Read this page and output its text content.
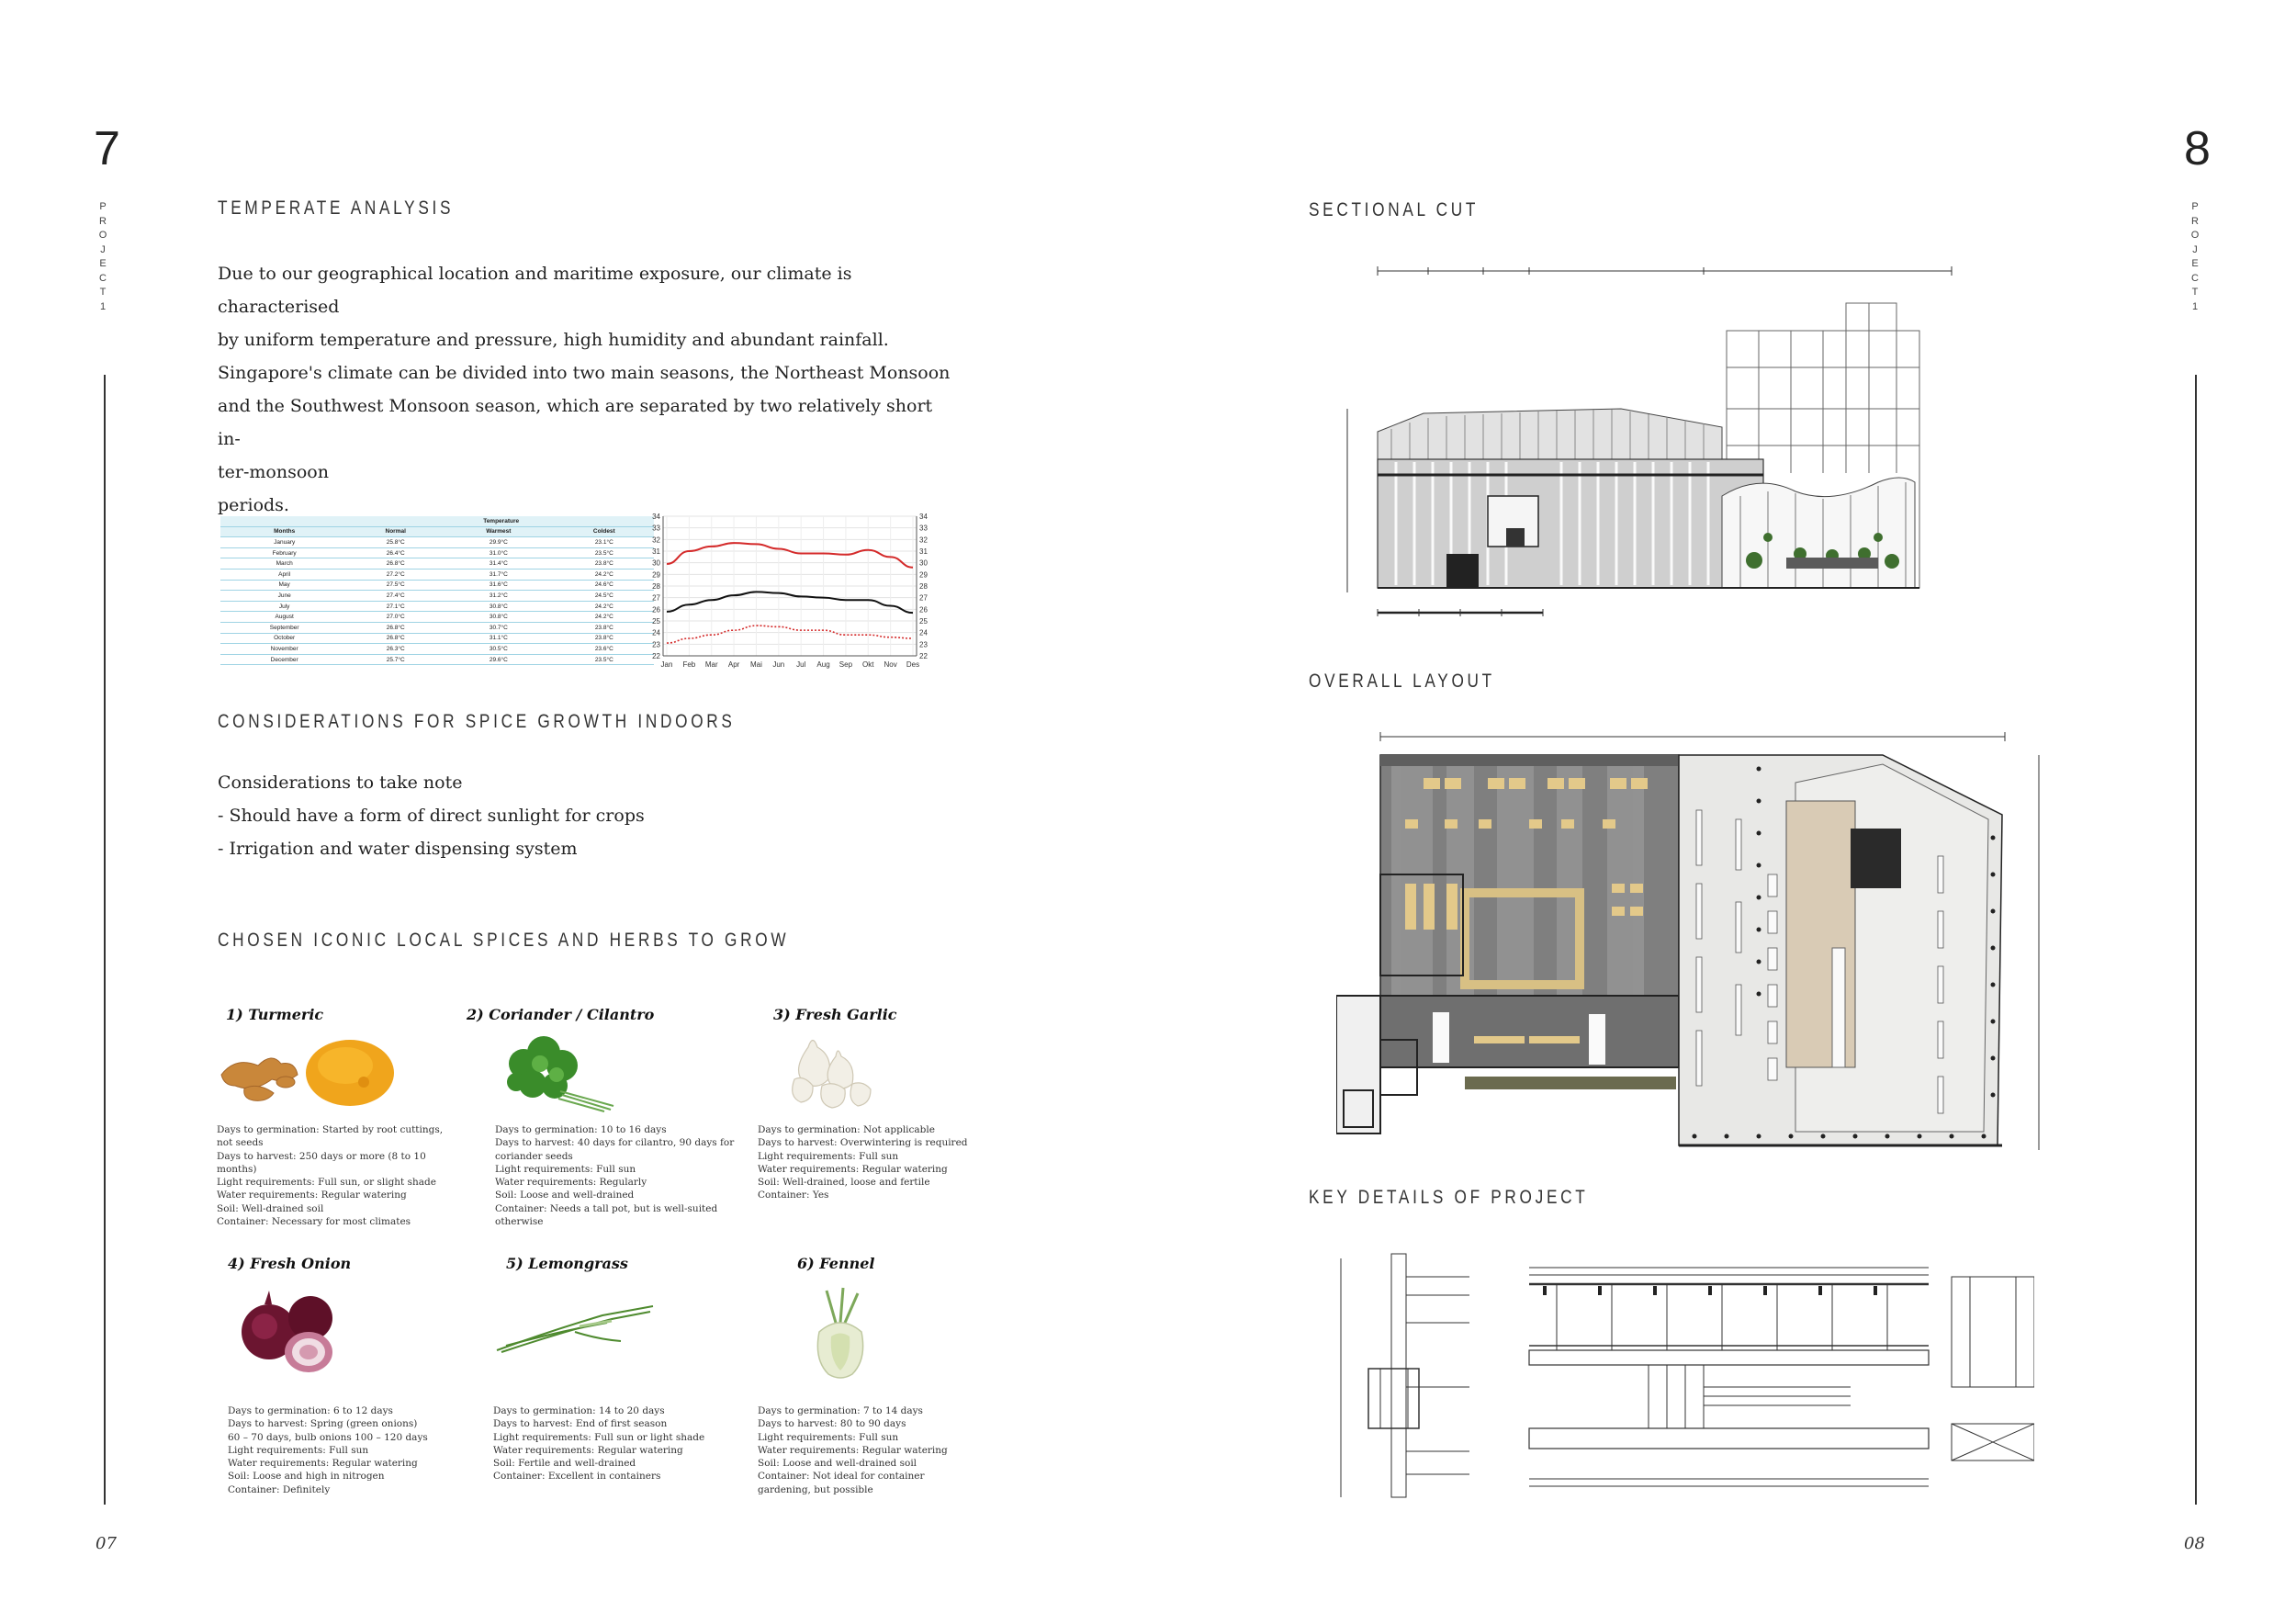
7
PROJECT 1
TEMPERATE ANALYSIS

Due to our geographical location and maritime exposure, our climate is characterised

by uniform temperature and pressure, high humidity and abundant rainfall.

Singapore's climate can be divided into two main seasons, the Northeast Monsoon

and the Southwest Monsoon season, which are separated by two relatively short in-

ter-monsoon

periods.

	Temperature		
Months	Normal	Warmest	Coldest
January	25.8°C	29.9°C	23.1°C
February	26.4°C	31.0°C	23.5°C
March	26.8°C	31.4°C	23.8°C
April	27.2°C	31.7°C	24.2°C
May	27.5°C	31.6°C	24.6°C
June	27.4°C	31.2°C	24.5°C
July	27.1°C	30.8°C	24.2°C
August	27.0°C	30.8°C	24.2°C
September	26.8°C	30.7°C	23.8°C
October	26.8°C	31.1°C	23.8°C
November	26.3°C	30.5°C	23.6°C
December	25.7°C	29.6°C	23.5°C	22	22
23	23
24	24
25	25
26	26
27	27
28	28
29	29
30	30
31	31
32	32
33	33
34	34
Jan Feb Mar Apr Mai Jun Jul Aug Sep Okt Nov Des
CONSIDERATIONS FOR SPICE GROWTH INDOORS

Considerations to take note

- Should have a form of direct sunlight for crops

- Irrigation and water dispensing system

CHOSEN ICONIC LOCAL SPICES AND HERBS TO GROW
1) Turmeric	2) Coriander / Cilantro	3) Fresh Garlic
4) Fresh Onion	5) Lemongrass	6) Fennel
Days to germination: Started by root cuttings,
not seeds
Days to harvest: 250 days or more (8 to 10 months)
Light requirements: Full sun, or slight shade
Water requirements: Regular watering
Soil: Well-drained soil
Container: Necessary for most climates
Days to germination: 10 to 16 days
Days to harvest: 40 days for cilantro, 90 days for
coriander seeds
Light requirements: Full sun
Water requirements: Regularly
Soil: Loose and well-drained
Container: Needs a tall pot, but is well-suited
otherwise
Days to germination: Not applicable
Days to harvest: Overwintering is required
Light requirements: Full sun
Water requirements: Regular watering
Soil: Well-drained, loose and fertile
Container: Yes
Days to germination: 6 to 12 days
Days to harvest: Spring (green onions)
60 – 70 days, bulb onions 100 – 120 days
Light requirements: Full sun
Water requirements: Regular watering
Soil: Loose and high in nitrogen
Container: Definitely
Days to germination: 14 to 20 days
Days to harvest: End of first season
Light requirements: Full sun or light shade
Water requirements: Regular watering
Soil: Fertile and well-drained
Container: Excellent in containers
Days to germination: 7 to 14 days
Days to harvest: 80 to 90 days
Light requirements: Full sun
Water requirements: Regular watering
Soil: Loose and well-drained soil
Container: Not ideal for container
gardening, but possible
07
8
PROJECT 1
SECTIONAL CUT
OVERALL LAYOUT
KEY DETAILS OF PROJECT
08
